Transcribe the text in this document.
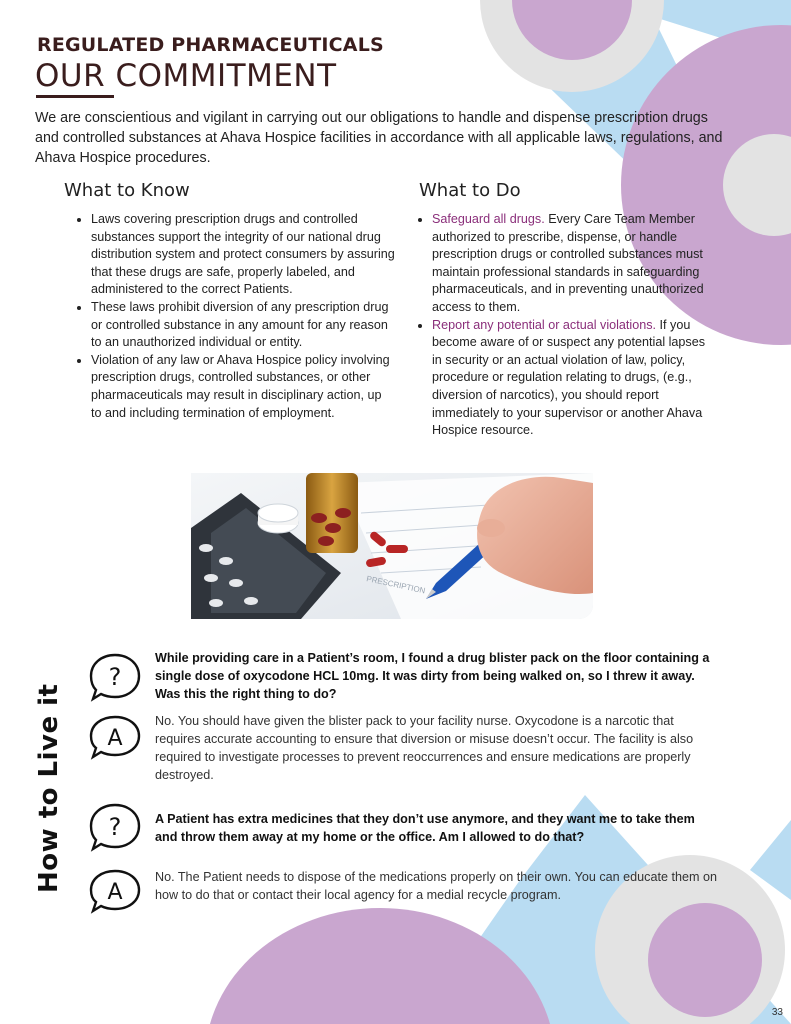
REGULATED PHARMACEUTICALS
OUR COMMITMENT
We are conscientious and vigilant in carrying out our obligations to handle and dispense prescription drugs and controlled substances at Ahava Hospice facilities in accordance with all applicable laws, regulations, and Ahava Hospice procedures.
What to Know
• Laws covering prescription drugs and controlled substances support the integrity of our national drug distribution system and protect consumers by assuring that these drugs are safe, properly labeled, and administered to the correct Patients.
• These laws prohibit diversion of any prescription drug or controlled substance in any amount for any reason to an unauthorized individual or entity.
• Violation of any law or Ahava Hospice policy involving prescription drugs, controlled substances, or other pharmaceuticals may result in disciplinary action, up to and including termination of employment.
What to Do
• Safeguard all drugs. Every Care Team Member authorized to prescribe, dispense, or handle prescription drugs or controlled substances must maintain professional standards in safeguarding pharmaceuticals, and in preventing unauthorized access to them.
• Report any potential or actual violations. If you become aware of or suspect any potential lapses in security or an actual violation of law, policy, procedure or regulation relating to drugs, (e.g., diversion of narcotics), you should report immediately to your supervisor or another Ahava Hospice resource.
PRESCRIPTION
How to Live it
?
A
?
A
While providing care in a Patient’s room, I found a drug blister pack on the floor containing a single dose of oxycodone HCL 10mg. It was dirty from being walked on, so I threw it away. Was this the right thing to do?
No. You should have given the blister pack to your facility nurse. Oxycodone is a narcotic that requires accurate accounting to ensure that diversion or misuse doesn’t occur. The facility is also required to investigate processes to prevent reoccurrences and ensure medications are properly destroyed.
A Patient has extra medicines that they don’t use anymore, and they want me to take them and throw them away at my home or the office. Am I allowed to do that?
No. The Patient needs to dispose of the medications properly on their own. You can educate them on how to do that or contact their local agency for a medial recycle program.
33
